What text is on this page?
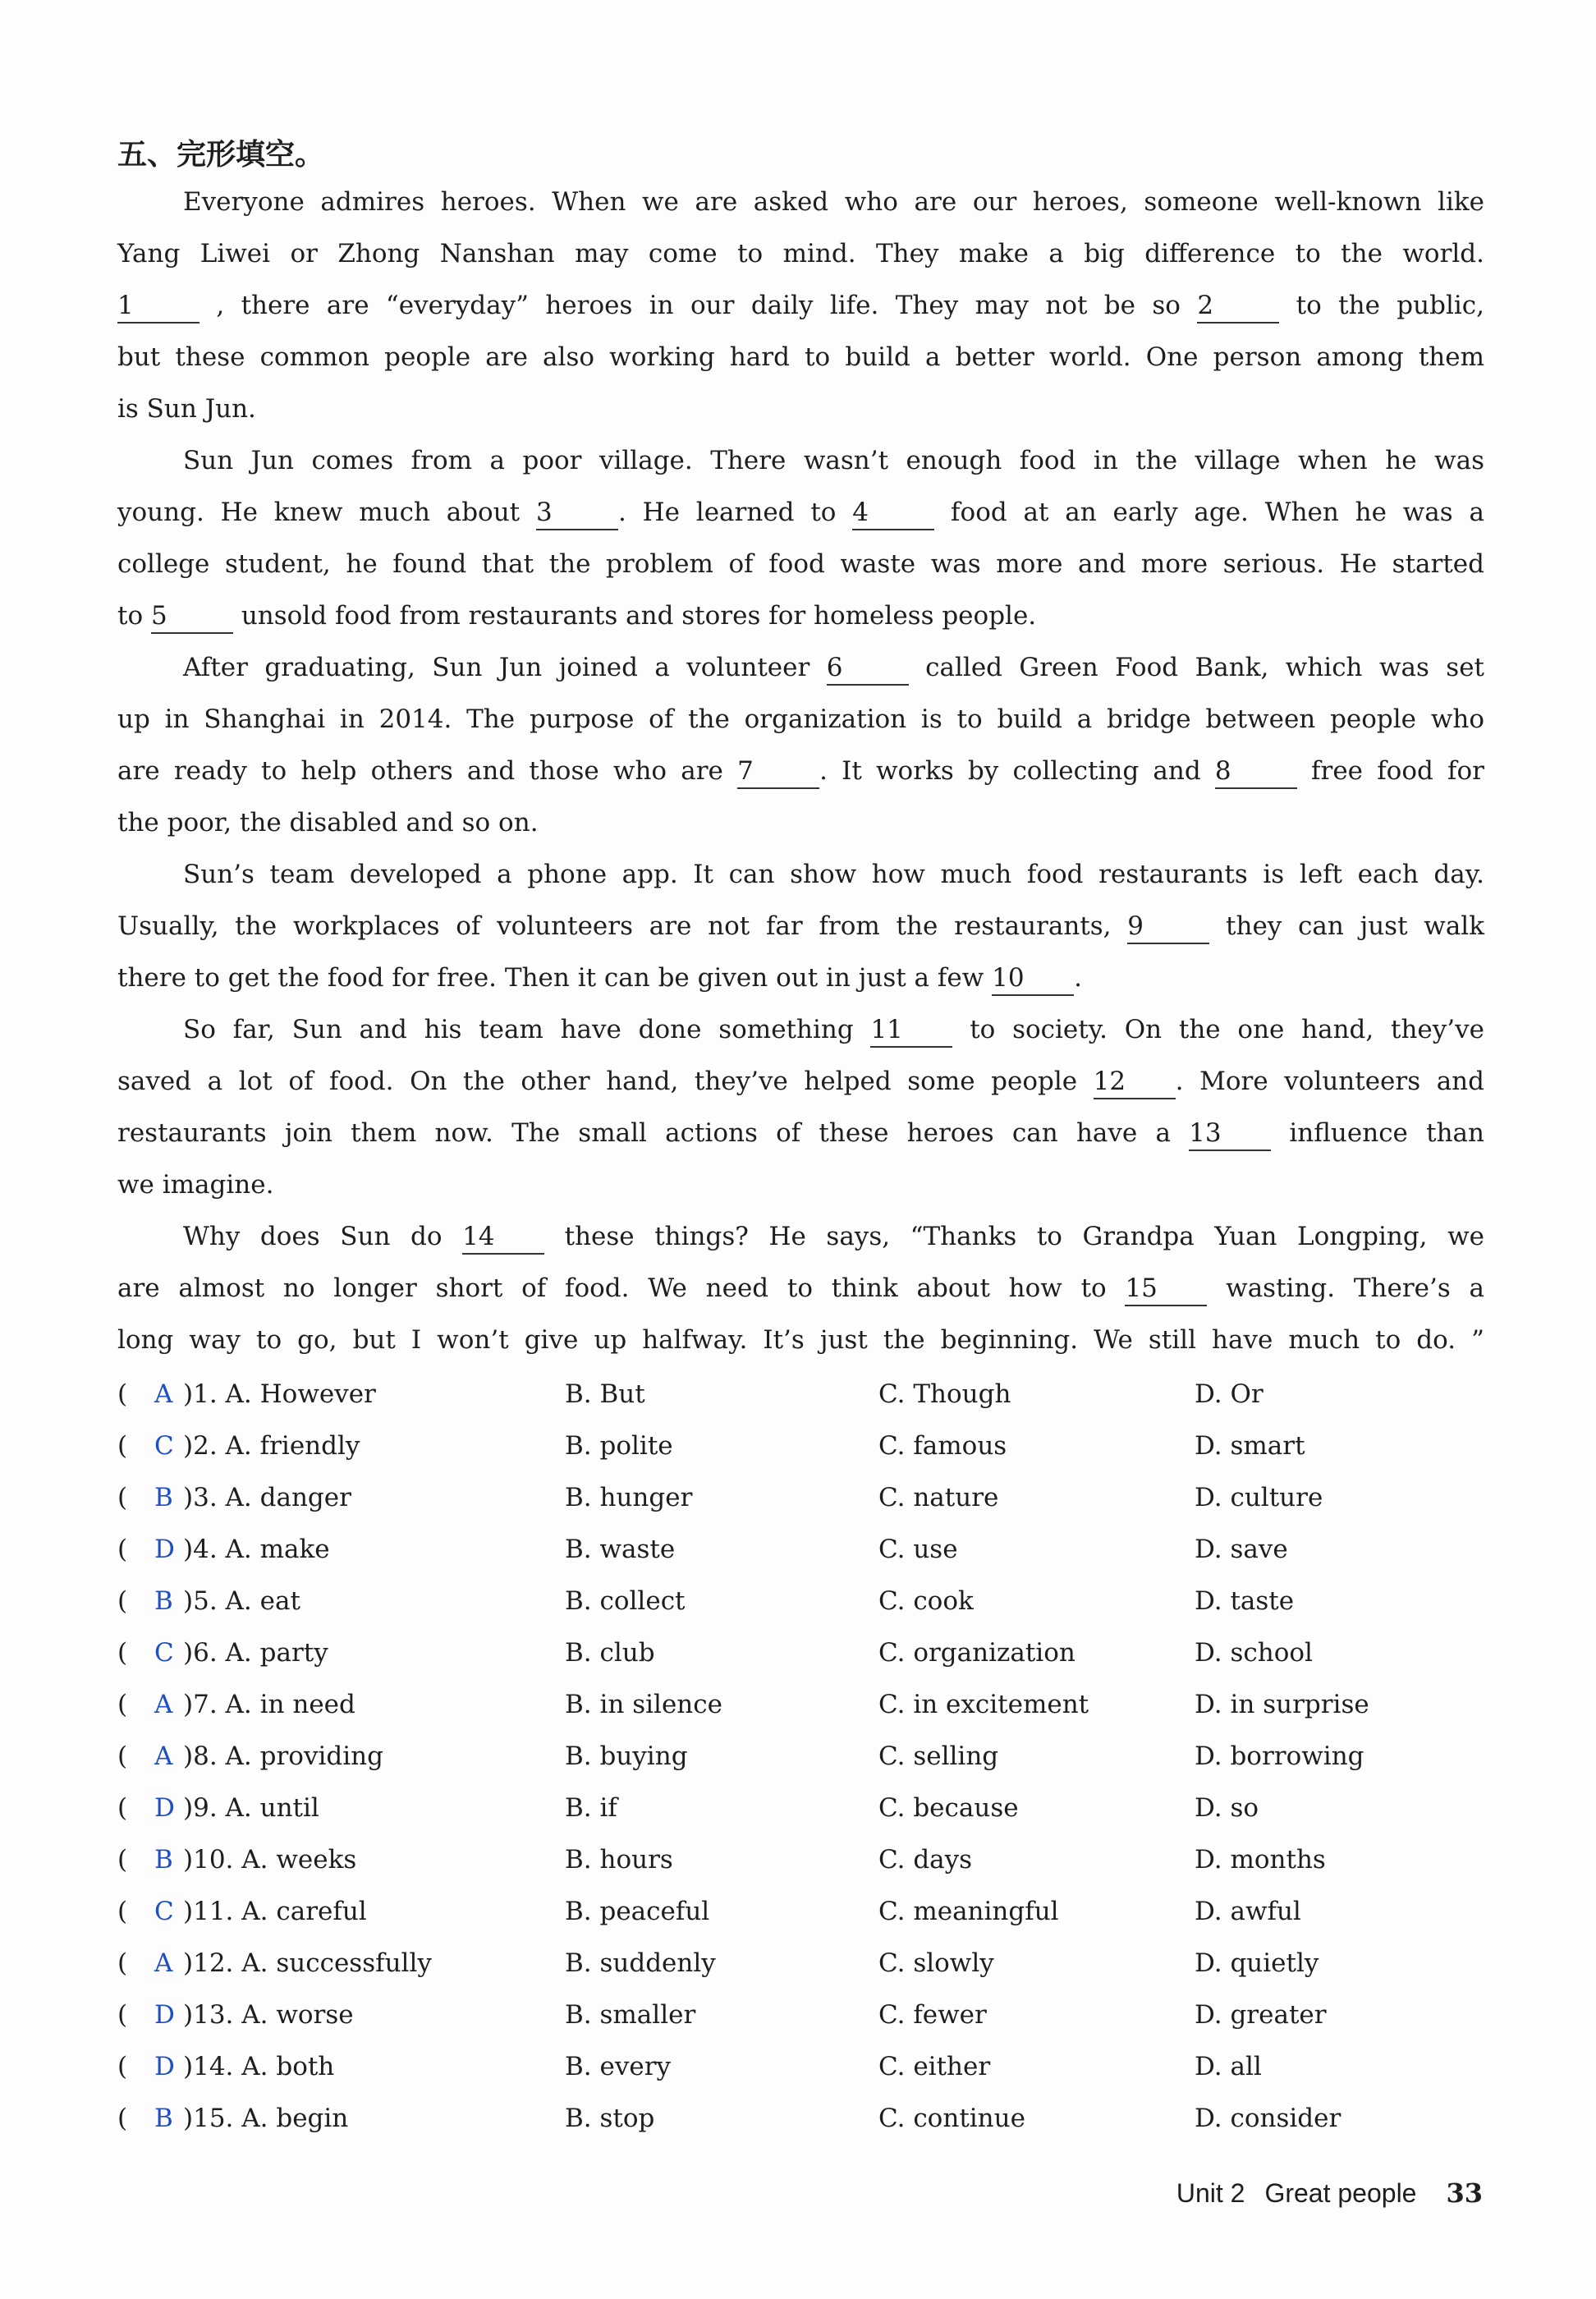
五、完形填空。
Everyone admires heroes. When we are asked who are our heroes, someone well-known like
Yang Liwei or Zhong Nanshan may come to mind. They make a big difference to the world.
1	, there are “everyday” heroes in our daily life. They may not be so 2	to the public,
but these common people are also working hard to build a better world. One person among them
is Sun Jun.
Sun Jun comes from a poor village. There wasn’t enough food in the village when he was
young. He knew much about 3	. He learned to 4	food at an early age. When he was a
college student, he found that the problem of food waste was more and more serious. He started
to 5	unsold food from restaurants and stores for homeless people.
After graduating, Sun Jun joined a volunteer 6	called Green Food Bank, which was set
up in Shanghai in 2014. The purpose of the organization is to build a bridge between people who
are ready to help others and those who are 7	. It works by collecting and 8	free food for
the poor, the disabled and so on.
Sun’s team developed a phone app. It can show how much food restaurants is left each day.
Usually, the workplaces of volunteers are not far from the restaurants, 9	they can just walk
there to get the food for free. Then it can be given out in just a few 10 .
So far, Sun and his team have done something 11 to society. On the one hand, they’ve
saved a lot of food. On the other hand, they’ve helped some people 12 . More volunteers and
restaurants join them now. The small actions of these heroes can have a 13 influence than
we imagine.
Why does Sun do 14 these things? He says, “Thanks to Grandpa Yuan Longping, we
are almost no longer short of food. We need to think about how to 15 wasting. There’s a
long way to go, but I won’t give up halfway. It’s just the beginning. We still have much to do. ”
( A )1. A. However	B. But	C. Though	D. Or
( C )2. A. friendly	B. polite	C. famous	D. smart
( B )3. A. danger	B. hunger	C. nature	D. culture
( D )4. A. make	B. waste	C. use	D. save
( B )5. A. eat	B. collect	C. cook	D. taste
( C )6. A. party	B. club	C. organization	D. school
( A )7. A. in need	B. in silence	C. in excitement	D. in surprise
( A )8. A. providing	B. buying	C. selling	D. borrowing
( D )9. A. until	B. if	C. because	D. so
( B )10. A. weeks	B. hours	C. days	D. months
( C )11. A. careful	B. peaceful	C. meaningful	D. awful
( A )12. A. successfully	B. suddenly	C. slowly	D. quietly
( D )13. A. worse	B. smaller	C. fewer	D. greater
( D )14. A. both	B. every	C. either	D. all
( B )15. A. begin	B. stop	C. continue	D. consider
Unit 2 Great people 33
